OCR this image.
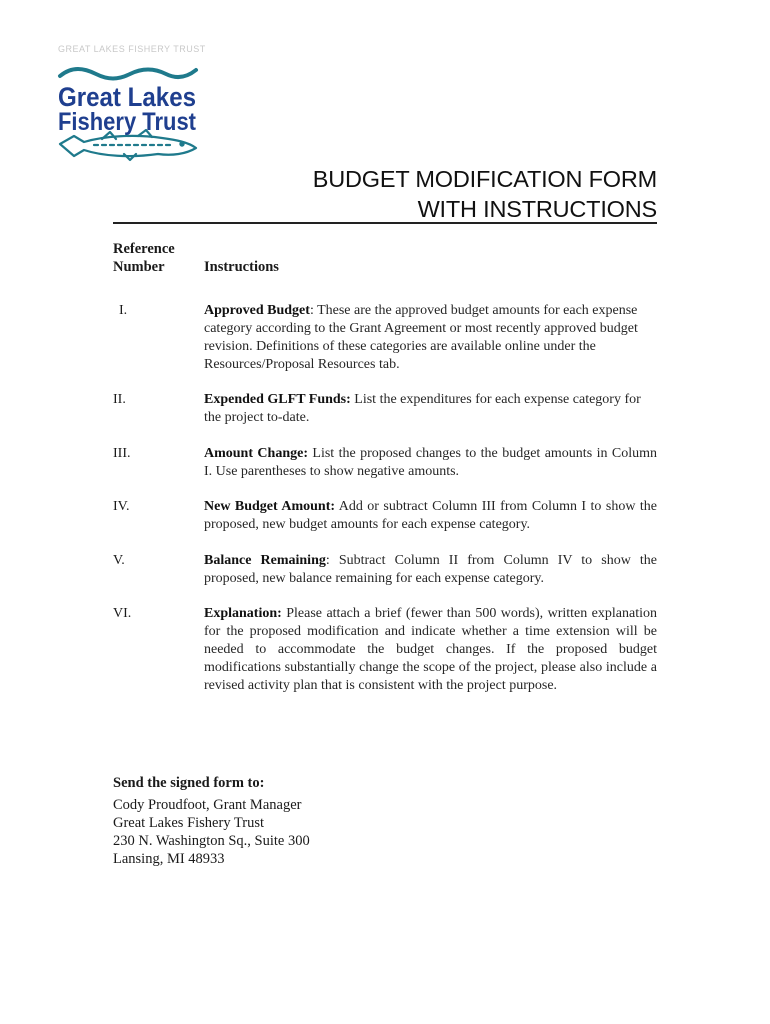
GREAT LAKES FISHERY TRUST
Great Lakes
Fishery Trust
BUDGET MODIFICATION FORM
WITH INSTRUCTIONS
Reference
Number	Instructions
I.	Approved Budget: These are the approved budget amounts for each expense category according to the Grant Agreement or most recently approved budget revision. Definitions of these categories are available online under the Resources/Proposal Resources tab.
II.	Expended GLFT Funds: List the expenditures for each expense category for the project to-date.
III.	Amount Change: List the proposed changes to the budget amounts in Column I. Use parentheses to show negative amounts.
IV.	New Budget Amount: Add or subtract Column III from Column I to show the proposed, new budget amounts for each expense category.
V.	Balance Remaining: Subtract Column II from Column IV to show the proposed, new balance remaining for each expense category.
VI.	Explanation: Please attach a brief (fewer than 500 words), written explanation for the proposed modification and indicate whether a time extension will be needed to accommodate the budget changes. If the proposed budget modifications substantially change the scope of the project, please also include a revised activity plan that is consistent with the project purpose.
Send the signed form to:
Cody Proudfoot, Grant Manager
Great Lakes Fishery Trust
230 N. Washington Sq., Suite 300
Lansing, MI 48933
